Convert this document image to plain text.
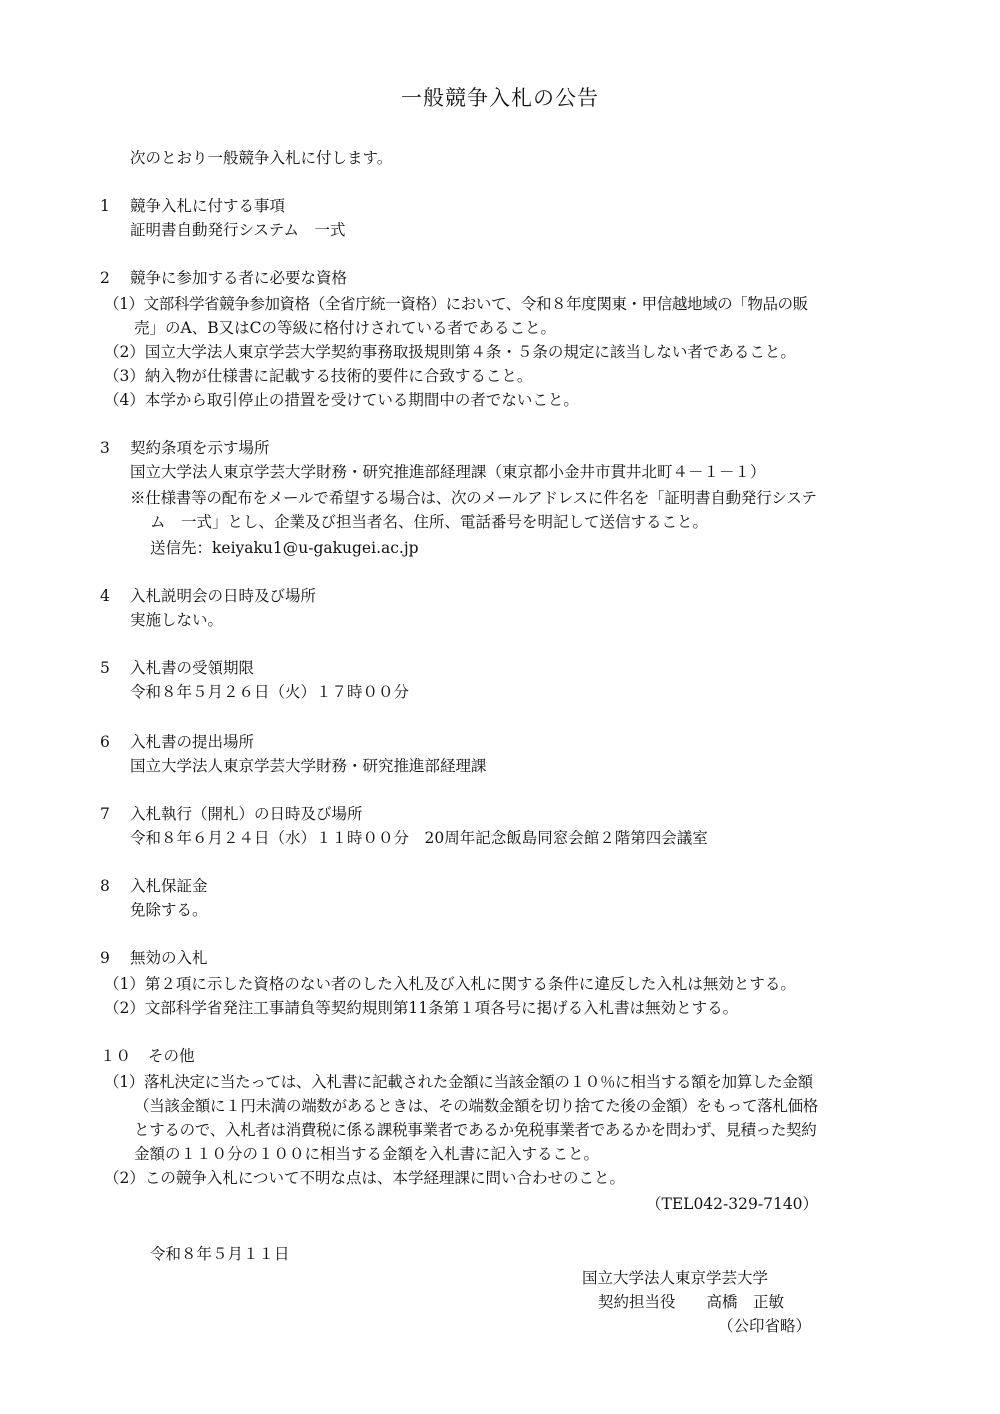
一般競争入札の公告
次のとおり一般競争入札に付します。
1 競争入札に付する事項
証明書自動発行システム　一式
2 競争に参加する者に必要な資格
（1）文部科学省競争参加資格（全省庁統一資格）において、令和８年度関東・甲信越地域の「物品の販
売」のA、B又はCの等級に格付けされている者であること。
（2）国立大学法人東京学芸大学契約事務取扱規則第４条・５条の規定に該当しない者であること。
（3）納入物が仕様書に記載する技術的要件に合致すること。
（4）本学から取引停止の措置を受けている期間中の者でないこと。
3 契約条項を示す場所
国立大学法人東京学芸大学財務・研究推進部経理課（東京都小金井市貫井北町４－１－１）
※仕様書等の配布をメールで希望する場合は、次のメールアドレスに件名を「証明書自動発行システ
ム　一式」とし、企業及び担当者名、住所、電話番号を明記して送信すること。
送信先：keiyaku1@u-gakugei.ac.jp
4 入札説明会の日時及び場所
実施しない。
5 入札書の受領期限
令和８年５月２６日（火）１７時００分
6 入札書の提出場所
国立大学法人東京学芸大学財務・研究推進部経理課
7 入札執行（開札）の日時及び場所
令和８年６月２４日（水）１１時００分　20周年記念飯島同窓会館２階第四会議室
8 入札保証金
免除する。
9 無効の入札
（1）第２項に示した資格のない者のした入札及び入札に関する条件に違反した入札は無効とする。
（2）文部科学省発注工事請負等契約規則第11条第１項各号に掲げる入札書は無効とする。
１０ その他
（1）落札決定に当たっては、入札書に記載された金額に当該金額の１０％に相当する額を加算した金額
（当該金額に１円未満の端数があるときは、その端数金額を切り捨てた後の金額）をもって落札価格
とするので、入札者は消費税に係る課税事業者であるか免税事業者であるかを問わず、見積った契約
金額の１１０分の１００に相当する金額を入札書に記入すること。
（2）この競争入札について不明な点は、本学経理課に問い合わせのこと。
（TEL042-329-7140）
令和８年５月１１日
国立大学法人東京学芸大学
契約担当役 高橋　正敏
（公印省略）
